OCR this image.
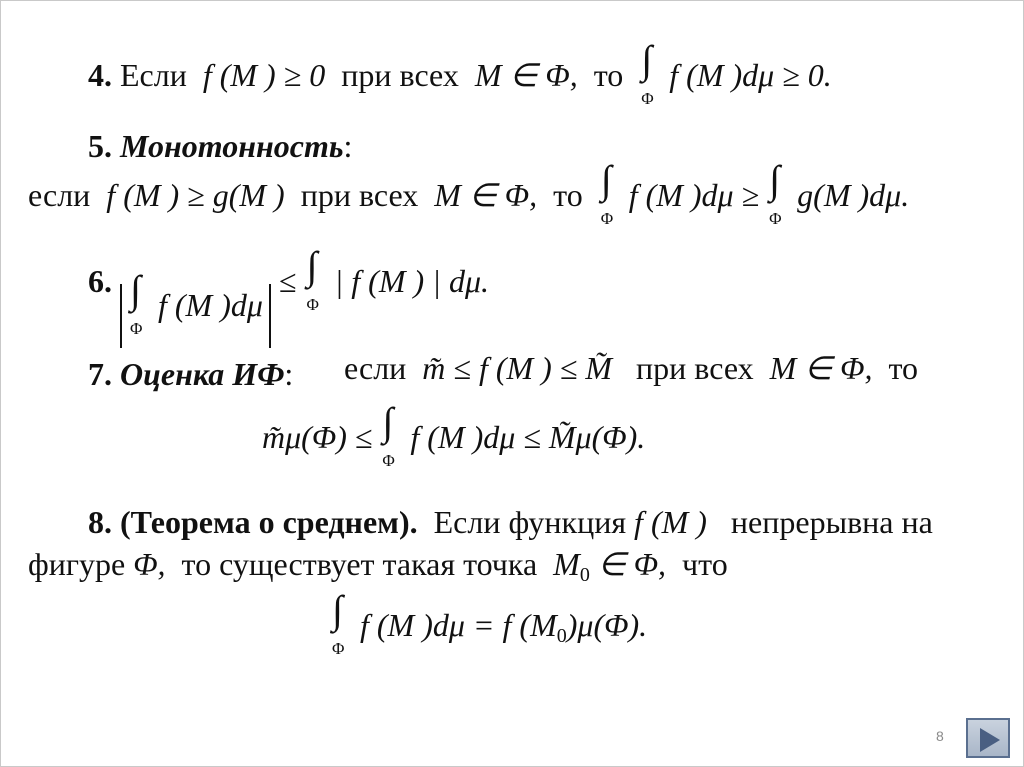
4. Если f (M ) ≥ 0 при всех M ∈ Φ, то ∫
Φ
f (M )dμ ≥ 0.
5. Монотонность:
если f (M ) ≥ g(M ) при всех M ∈ Φ, то ∫
Φ
f (M )dμ ≥ ∫
Φ
g(M )dμ.
6. ∫
Φ
f (M )dμ ≤ ∫
Φ
| f (M ) | dμ.
7. Оценка ИФ: если m̃ ≤ f (M ) ≤ M̃ при всех M ∈ Φ, то
m̃μ(Φ) ≤ ∫
Φ
f (M )dμ ≤ M̃μ(Φ).
8. (Теорема о среднем). Если функция f (M ) непрерывна на
фигуре Φ, то существует такая точка M0 ∈ Φ, что
∫
Φ
f (M )dμ = f (M0)μ(Φ).
8
